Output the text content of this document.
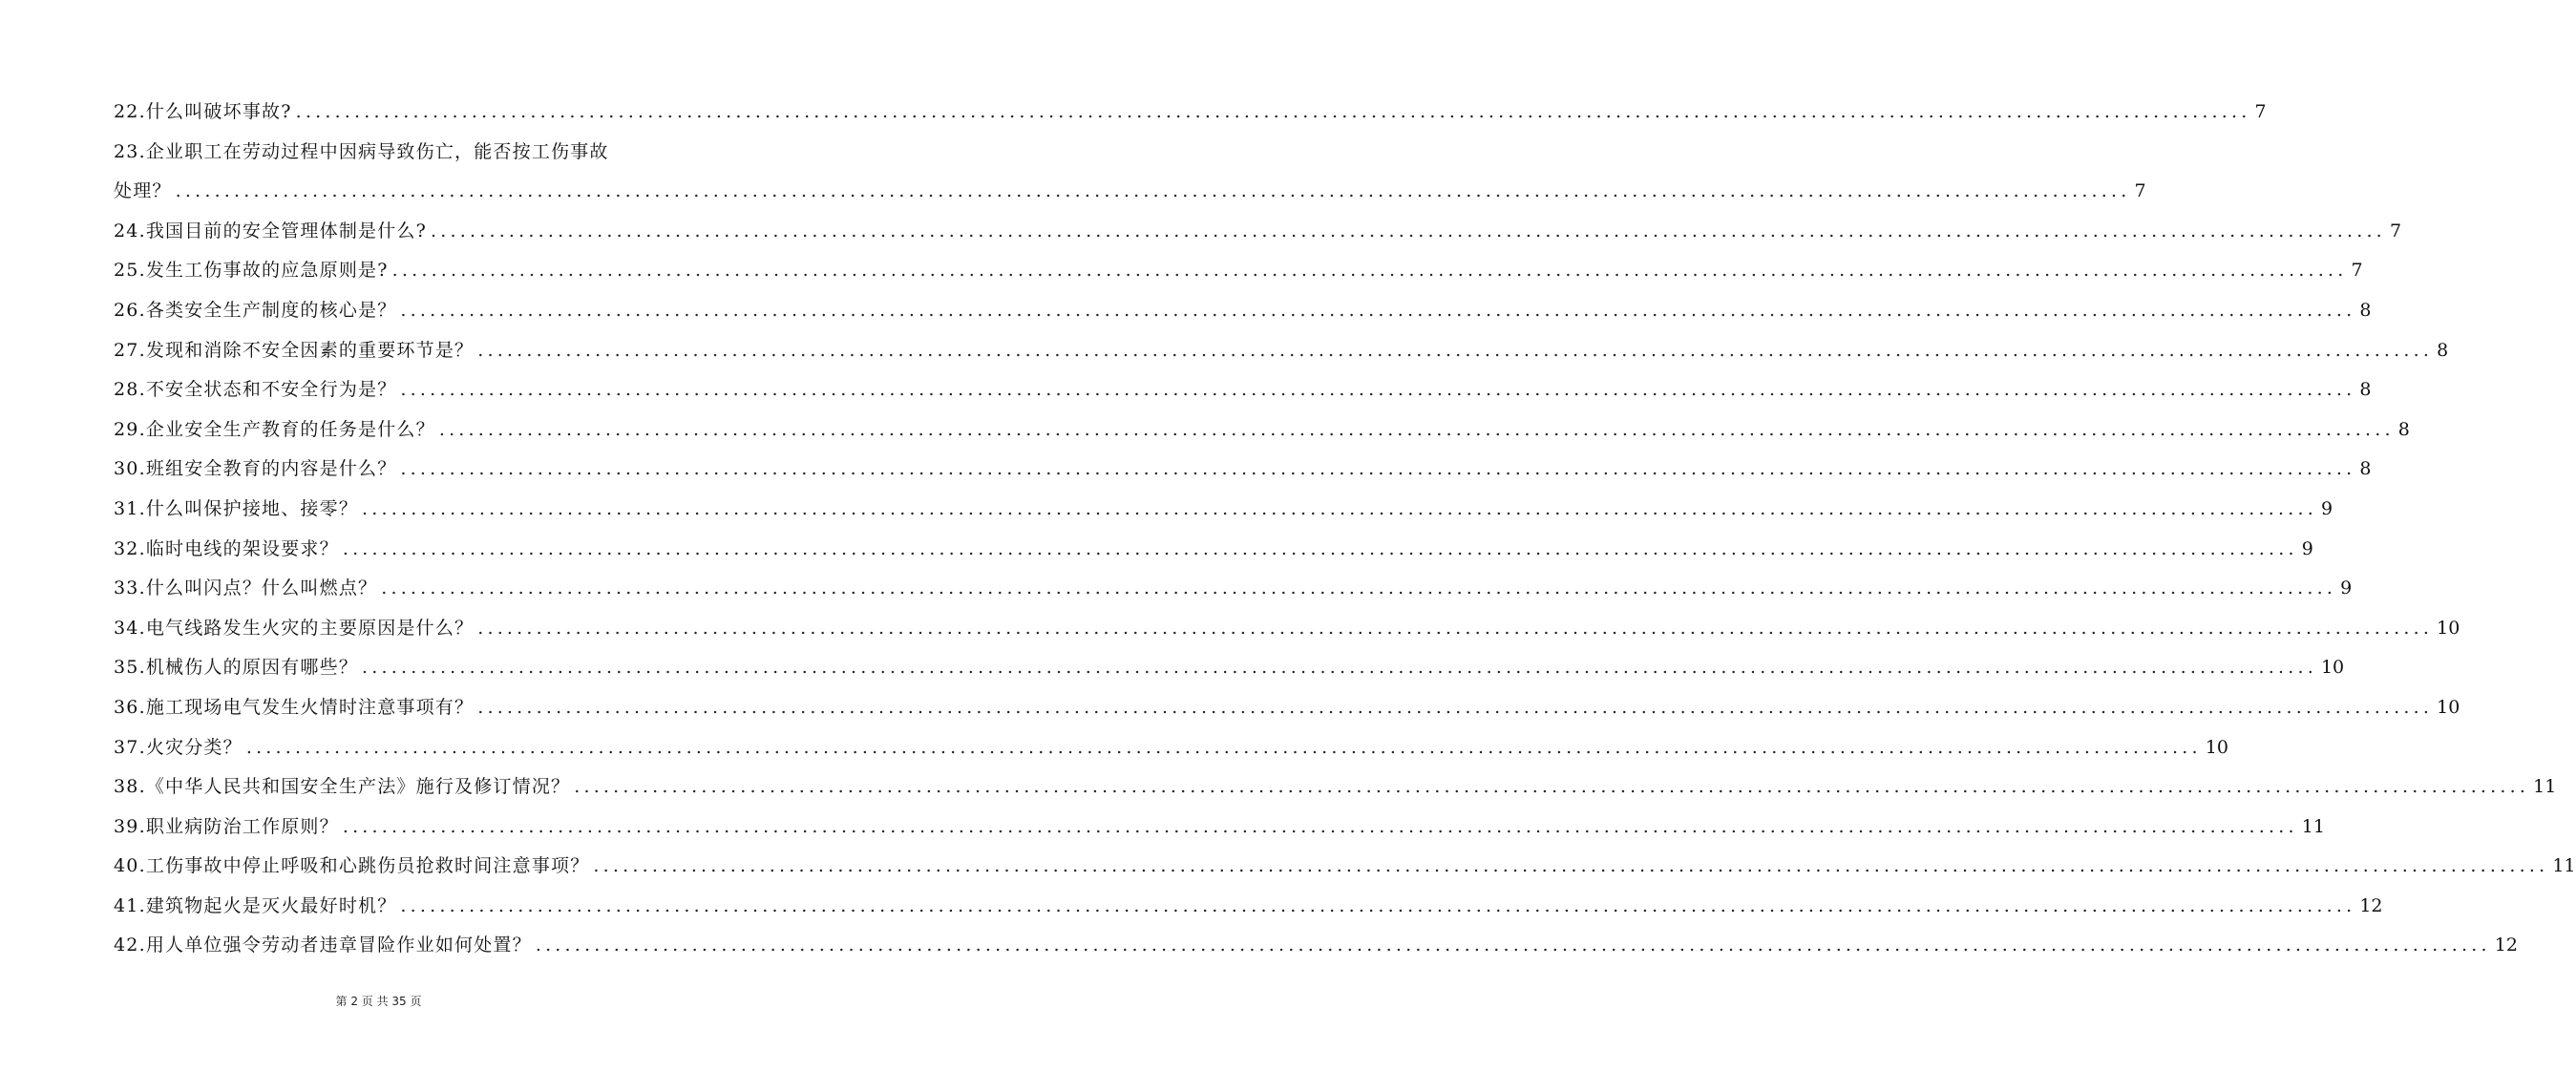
22.什么叫破坏事故? ........................................................................................................................................................................................................ 7
23.企业职工在劳动过程中因病导致伤亡，能否按工伤事故
处理？ ........................................................................................................................................................................................................ 7
24.我国目前的安全管理体制是什么? ........................................................................................................................................................................................................ 7
25.发生工伤事故的应急原则是? ........................................................................................................................................................................................................ 7
26.各类安全生产制度的核心是？ ........................................................................................................................................................................................................ 8
27.发现和消除不安全因素的重要环节是？ ........................................................................................................................................................................................................ 8
28.不安全状态和不安全行为是？ ........................................................................................................................................................................................................ 8
29.企业安全生产教育的任务是什么？ ........................................................................................................................................................................................................ 8
30.班组安全教育的内容是什么？ ........................................................................................................................................................................................................ 8
31.什么叫保护接地、接零？ ........................................................................................................................................................................................................ 9
32.临时电线的架设要求？ ........................................................................................................................................................................................................ 9
33.什么叫闪点？什么叫燃点？ ........................................................................................................................................................................................................ 9
34.电气线路发生火灾的主要原因是什么？ ........................................................................................................................................................................................................ 10
35.机械伤人的原因有哪些？ ........................................................................................................................................................................................................ 10
36.施工现场电气发生火情时注意事项有？ ........................................................................................................................................................................................................ 10
37.火灾分类？ ........................................................................................................................................................................................................ 10
38.《中华人民共和国安全生产法》施行及修订情况？ ........................................................................................................................................................................................................ 11
39.职业病防治工作原则？ ........................................................................................................................................................................................................ 11
40.工伤事故中停止呼吸和心跳伤员抢救时间注意事项？ ........................................................................................................................................................................................................ 11
41.建筑物起火是灭火最好时机？ ........................................................................................................................................................................................................ 12
42.用人单位强令劳动者违章冒险作业如何处置？ ........................................................................................................................................................................................................ 12
第 2 页 共 35 页
